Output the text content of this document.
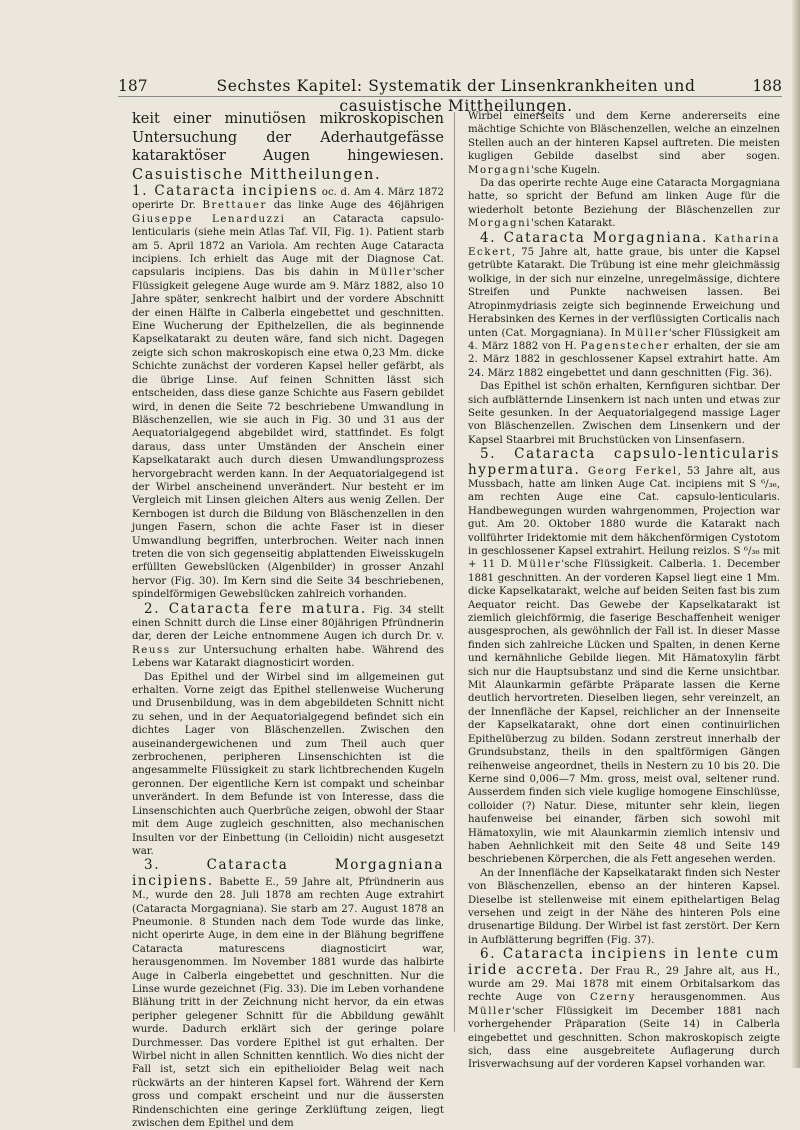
187	Sechstes Kapitel: Systematik der Linsenkrankheiten und casuistische Mittheilungen.
188

keit einer minutiösen mikroskopischen Untersuchung der Aderhautgefässe kataraktöser Augen hingewiesen. Casuistische Mittheilungen.

1. Cataracta incipiens oc. d. Am 4. März 1872 operirte Dr. Brettauer das linke Auge des 46jährigen Giuseppe Lenarduzzi an Cataracta capsulo-lenticularis (siehe mein Atlas Taf. VII, Fig. 1). Patient starb am 5. April 1872 an Variola. Am rechten Auge Cataracta incipiens. Ich erhielt das Auge mit der Diagnose Cat. capsularis incipiens. Das bis dahin in Müller'scher Flüssigkeit gelegene Auge wurde am 9. März 1882, also 10 Jahre später, senkrecht halbirt und der vordere Abschnitt der einen Hälfte in Calberla eingebettet und geschnitten. Eine Wucherung der Epithelzellen, die als beginnende Kapselkatarakt zu deuten wäre, fand sich nicht. Dagegen zeigte sich schon makroskopisch eine etwa 0,23 Mm. dicke Schichte zunächst der vorderen Kapsel heller gefärbt, als die übrige Linse. Auf feinen Schnitten lässt sich entscheiden, dass diese ganze Schichte aus Fasern gebildet wird, in denen die Seite 72 beschriebene Umwandlung in Bläschenzellen, wie sie auch in Fig. 30 und 31 aus der Aequatorialgegend abgebildet wird, stattfindet. Es folgt daraus, dass unter Umständen der Anschein einer Kapselkatarakt auch durch diesen Umwandlungsprozess hervorgebracht werden kann. In der Aequatorialgegend ist der Wirbel anscheinend unverändert. Nur besteht er im Vergleich mit Linsen gleichen Alters aus wenig Zellen. Der Kernbogen ist durch die Bildung von Bläschenzellen in den jungen Fasern, schon die achte Faser ist in dieser Umwandlung begriffen, unterbrochen. Weiter nach innen treten die von sich gegenseitig abplattenden Eiweisskugeln erfüllten Gewebslücken (Algenbilder) in grosser Anzahl hervor (Fig. 30). Im Kern sind die Seite 34 beschriebenen, spindelförmigen Gewebslücken zahlreich vorhanden.

2. Cataracta fere matura. Fig. 34 stellt einen Schnitt durch die Linse einer 80jährigen Pfründnerin dar, deren der Leiche entnommene Augen ich durch Dr. v. Reuss zur Untersuchung erhalten habe. Während des Lebens war Katarakt diagnosticirt worden.

Das Epithel und der Wirbel sind im allgemeinen gut erhalten. Vorne zeigt das Epithel stellenweise Wucherung und Drusenbildung, was in dem abgebildeten Schnitt nicht zu sehen, und in der Aequatorialgegend befindet sich ein dichtes Lager von Bläschenzellen. Zwischen den auseinandergewichenen und zum Theil auch quer zerbrochenen, peripheren Linsenschichten ist die angesammelte Flüssigkeit zu stark lichtbrechenden Kugeln geronnen. Der eigentliche Kern ist compakt und scheinbar unverändert. In dem Befunde ist von Interesse, dass die Linsenschichten auch Querbrüche zeigen, obwohl der Staar mit dem Auge zugleich geschnitten, also mechanischen Insulten vor der Einbettung (in Celloidin) nicht ausgesetzt war.

3. Cataracta Morgagniana incipiens. Babette E., 59 Jahre alt, Pfründnerin aus M., wurde den 28. Juli 1878 am rechten Auge extrahirt (Cataracta Morgagniana). Sie starb am 27. August 1878 an Pneumonie. 8 Stunden nach dem Tode wurde das linke, nicht operirte Auge, in dem eine in der Blähung begriffene Cataracta maturescens diagnosticirt war, herausgenommen. Im November 1881 wurde das halbirte Auge in Calberla eingebettet und geschnitten. Nur die Linse wurde gezeichnet (Fig. 33). Die im Leben vorhandene Blähung tritt in der Zeichnung nicht hervor, da ein etwas peripher gelegener Schnitt für die Abbildung gewählt wurde. Dadurch erklärt sich der geringe polare Durchmesser. Das vordere Epithel ist gut erhalten. Der Wirbel nicht in allen Schnitten kenntlich. Wo dies nicht der Fall ist, setzt sich ein epithelioider Belag weit nach rückwärts an der hinteren Kapsel fort. Während der Kern gross und compakt erscheint und nur die äussersten Rindenschichten eine geringe Zerklüftung zeigen, liegt zwischen dem Epithel und dem

Wirbel einerseits und dem Kerne andererseits eine mächtige Schichte von Bläschenzellen, welche an einzelnen Stellen auch an der hinteren Kapsel auftreten. Die meisten kugligen Gebilde daselbst sind aber sogen. Morgagni'sche Kugeln.

Da das operirte rechte Auge eine Cataracta Morgagniana hatte, so spricht der Befund am linken Auge für die wiederholt betonte Beziehung der Bläschenzellen zur Morgagni'schen Katarakt.

4. Cataracta Morgagniana. Katharina Eckert, 75 Jahre alt, hatte graue, bis unter die Kapsel getrübte Katarakt. Die Trübung ist eine mehr gleichmässig wolkige, in der sich nur einzelne, unregelmässige, dichtere Streifen und Punkte nachweisen lassen. Bei Atropinmydriasis zeigte sich beginnende Erweichung und Herabsinken des Kernes in der verflüssigten Corticalis nach unten (Cat. Morgagniana). In Müller'scher Flüssigkeit am 4. März 1882 von H. Pagenstecher erhalten, der sie am 2. März 1882 in geschlossener Kapsel extrahirt hatte. Am 24. März 1882 eingebettet und dann geschnitten (Fig. 36).

Das Epithel ist schön erhalten, Kernfiguren sichtbar. Der sich aufblätternde Linsenkern ist nach unten und etwas zur Seite gesunken. In der Aequatorialgegend massige Lager von Bläschenzellen. Zwischen dem Linsenkern und der Kapsel Staarbrei mit Bruchstücken von Linsenfasern.

5. Cataracta capsulo-lenticularis hypermatura. Georg Ferkel, 53 Jahre alt, aus Mussbach, hatte am linken Auge Cat. incipiens mit S ⁶/₃₆, am rechten Auge eine Cat. capsulo-lenticularis. Handbewegungen wurden wahrgenommen, Projection war gut. Am 20. Oktober 1880 wurde die Katarakt nach vollführter Iridektomie mit dem häkchenförmigen Cystotom in geschlossener Kapsel extrahirt. Heilung reizlos. S ⁶/₃₆ mit + 11 D. Müller'sche Flüssigkeit. Calberla. 1. December 1881 geschnitten. An der vorderen Kapsel liegt eine 1 Mm. dicke Kapselkatarakt, welche auf beiden Seiten fast bis zum Aequator reicht. Das Gewebe der Kapselkatarakt ist ziemlich gleichförmig, die faserige Beschaffenheit weniger ausgesprochen, als gewöhnlich der Fall ist. In dieser Masse finden sich zahlreiche Lücken und Spalten, in denen Kerne und kernähnliche Gebilde liegen. Mit Hämatoxylin färbt sich nur die Hauptsubstanz und sind die Kerne unsichtbar. Mit Alaunkarmin gefärbte Präparate lassen die Kerne deutlich hervortreten. Dieselben liegen, sehr vereinzelt, an der Innenfläche der Kapsel, reichlicher an der Innenseite der Kapselkatarakt, ohne dort einen continuirlichen Epithelüberzug zu bilden. Sodann zerstreut innerhalb der Grundsubstanz, theils in den spaltförmigen Gängen reihenweise angeordnet, theils in Nestern zu 10 bis 20. Die Kerne sind 0,006—7 Mm. gross, meist oval, seltener rund. Ausserdem finden sich viele kuglige homogene Einschlüsse, colloider (?) Natur. Diese, mitunter sehr klein, liegen haufenweise bei einander, färben sich sowohl mit Hämatoxylin, wie mit Alaunkarmin ziemlich intensiv und haben Aehnlichkeit mit den Seite 48 und Seite 149 beschriebenen Körperchen, die als Fett angesehen werden.

An der Innenfläche der Kapselkatarakt finden sich Nester von Bläschenzellen, ebenso an der hinteren Kapsel. Dieselbe ist stellenweise mit einem epithelartigen Belag versehen und zeigt in der Nähe des hinteren Pols eine drusenartige Bildung. Der Wirbel ist fast zerstört. Der Kern in Aufblätterung begriffen (Fig. 37).

6. Cataracta incipiens in lente cum iride accreta. Der Frau R., 29 Jahre alt, aus H., wurde am 29. Mai 1878 mit einem Orbitalsarkom das rechte Auge von Czerny herausgenommen. Aus Müller'scher Flüssigkeit im December 1881 nach vorhergehender Präparation (Seite 14) in Calberla eingebettet und geschnitten. Schon makroskopisch zeigte sich, dass eine ausgebreitete Auflagerung durch Irisverwachsung auf der vorderen Kapsel vorhanden war.
